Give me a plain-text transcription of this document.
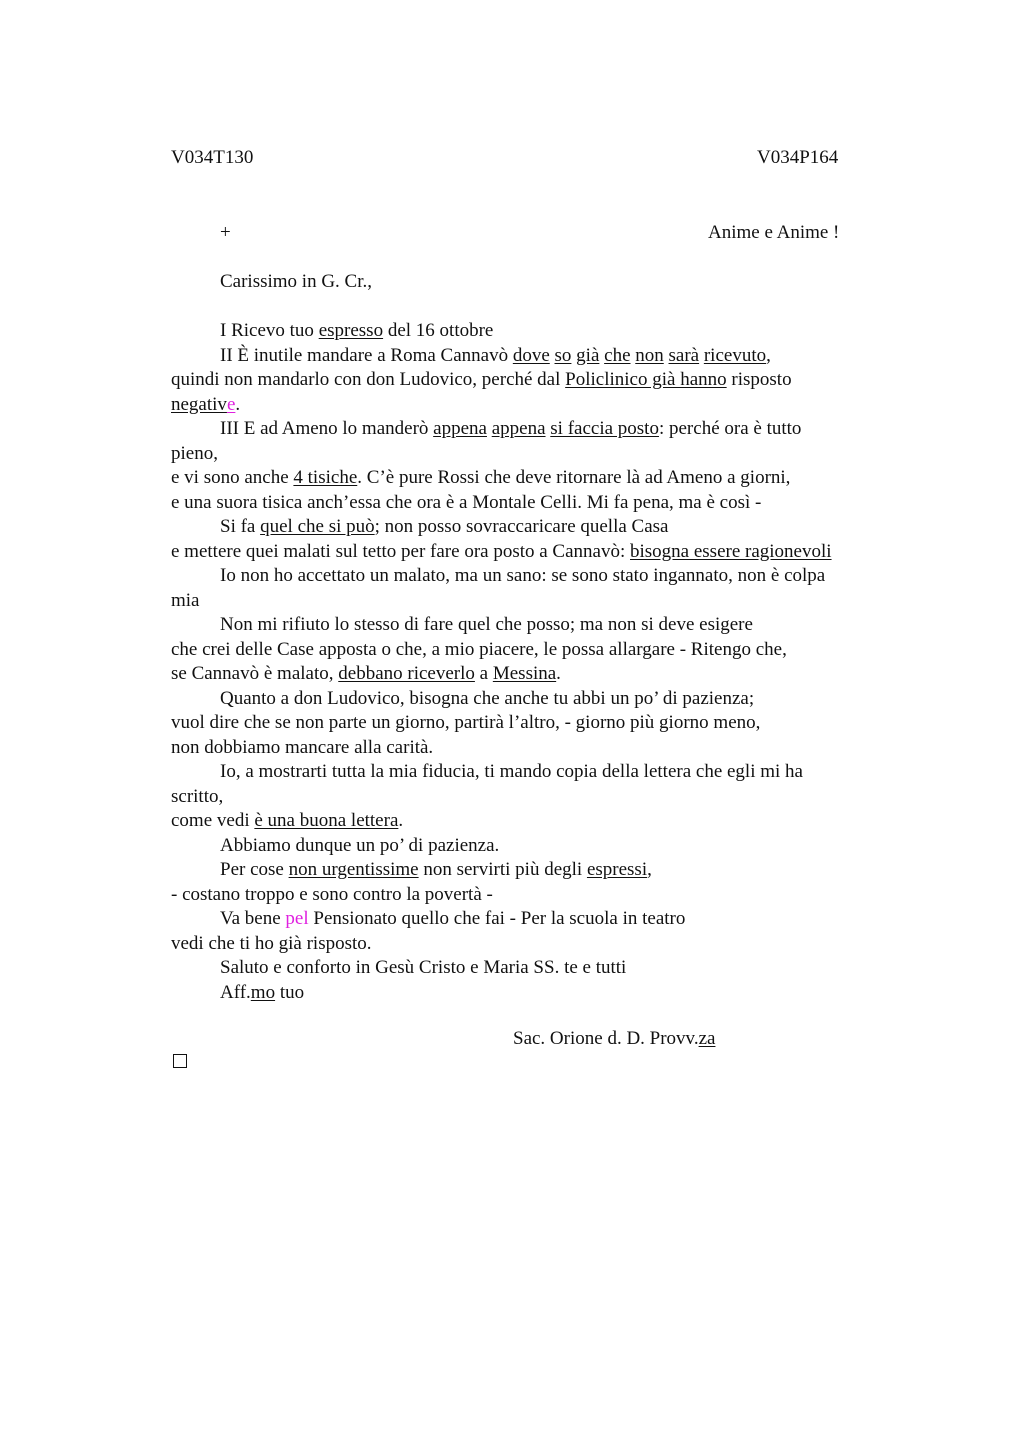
V034T130	V034P164
+	Anime e Anime !
Carissimo in G. Cr.,
I Ricevo tuo espresso del 16 ottobre
II È inutile mandare a Roma Cannavò dove so già che non sarà ricevuto,
quindi non mandarlo con don Ludovico, perché dal Policlinico già hanno risposto
negative.
III E ad Ameno lo manderò appena appena si faccia posto: perché ora è tutto
pieno,
e vi sono anche 4 tisiche. C’è pure Rossi che deve ritornare là ad Ameno a giorni,
e una suora tisica anch’essa che ora è a Montale Celli. Mi fa pena, ma è così -
Si fa quel che si può; non posso sovraccaricare quella Casa
e mettere quei malati sul tetto per fare ora posto a Cannavò: bisogna essere ragionevoli
Io non ho accettato un malato, ma un sano: se sono stato ingannato, non è colpa
mia
Non mi rifiuto lo stesso di fare quel che posso; ma non si deve esigere
che crei delle Case apposta o che, a mio piacere, le possa allargare - Ritengo che,
se Cannavò è malato, debbano riceverlo a Messina.
Quanto a don Ludovico, bisogna che anche tu abbi un po’ di pazienza;
vuol dire che se non parte un giorno, partirà l’altro, - giorno più giorno meno,
non dobbiamo mancare alla carità.
Io, a mostrarti tutta la mia fiducia, ti mando copia della lettera che egli mi ha
scritto,
come vedi è una buona lettera.
Abbiamo dunque un po’ di pazienza.
Per cose non urgentissime non servirti più degli espressi,
- costano troppo e sono contro la povertà -
Va bene pel Pensionato quello che fai - Per la scuola in teatro
vedi che ti ho già risposto.
Saluto e conforto in Gesù Cristo e Maria SS. te e tutti
Aff.mo tuo
Sac. Orione d. D. Provv.za
